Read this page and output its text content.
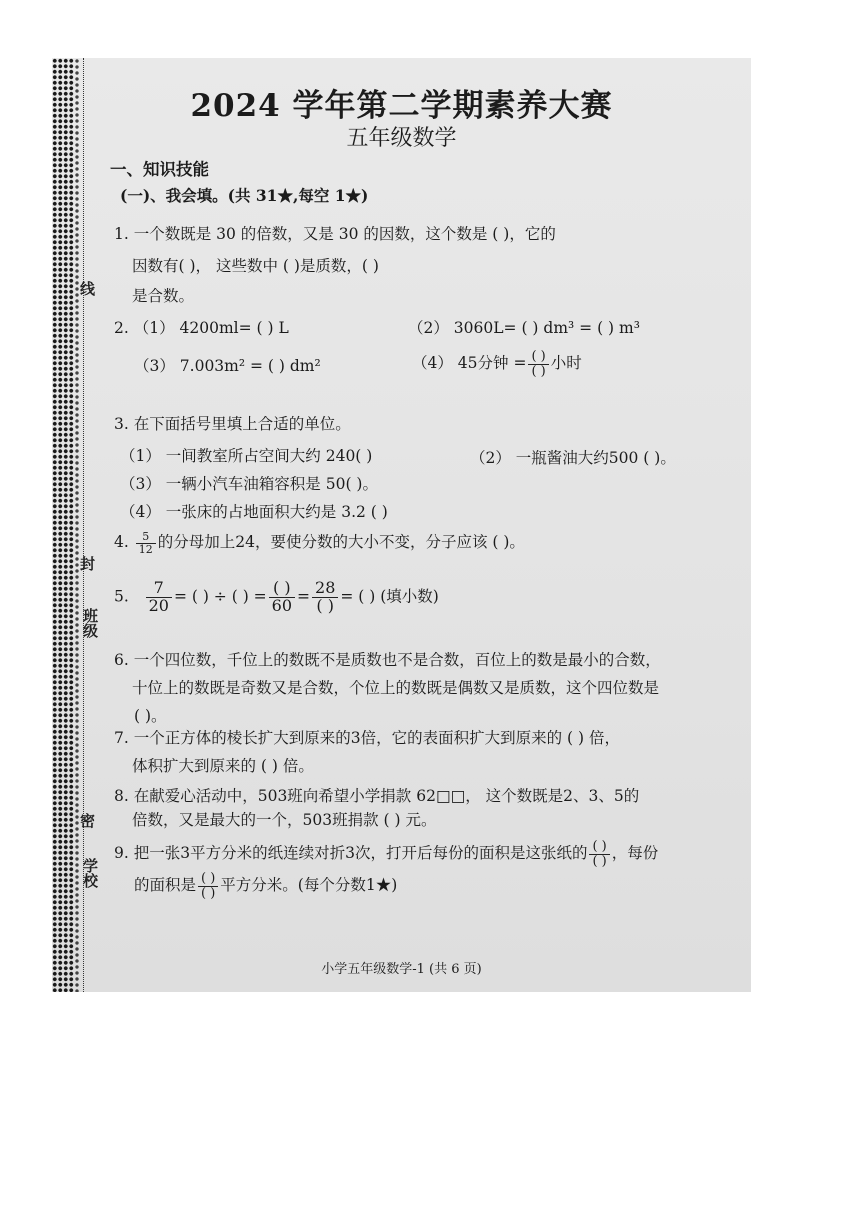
线
封
班级
密
学校
2024 学年第二学期素养大赛
五年级数学
一、知识技能
(一)、我会填。(共 31★,每空 1★)
1. 一个数既是 30 的倍数，又是 30 的因数，这个数是 ( )，它的
因数有( )， 这些数中 ( )是质数，( )
是合数。
2. （1） 4200ml= ( ) L	（2） 3060L= ( ) dm³ = ( ) m³
（3） 7.003m² = ( ) dm²	（4） 45分钟 = $\frac{( )}{( )}$ 小时
3. 在下面括号里填上合适的单位。
（1） 一间教室所占空间大约 240( )	（2） 一瓶酱油大约500 ( )。
（3） 一辆小汽车油箱容积是 50( )。
（4） 一张床的占地面积大约是 3.2 ( )
4. $\frac{5}{12}$ 的分母加上24，要使分数的大小不变，分子应该 ( )。
5. $\frac{7}{20}$ = ( ) ÷ ( ) = $\frac{( )}{60} = \frac{28}{( )}$ = ( ) (填小数)
6. 一个四位数，千位上的数既不是质数也不是合数，百位上的数是最小的合数，
十位上的数既是奇数又是合数，个位上的数既是偶数又是质数，这个四位数是
( )。
7. 一个正方体的棱长扩大到原来的3倍，它的表面积扩大到原来的 ( ) 倍，
体积扩大到原来的 ( ) 倍。
8. 在献爱心活动中，503班向希望小学捐款 62□□， 这个数既是2、3、5的
倍数，又是最大的一个，503班捐款 ( ) 元。
9. 把一张3平方分米的纸连续对折3次，打开后每份的面积是这张纸的 $\frac{( )}{( )}$ ，每份
的面积是 $\frac{( )}{( )}$ 平方分米。(每个分数1★)
小学五年级数学-1 (共 6 页)
